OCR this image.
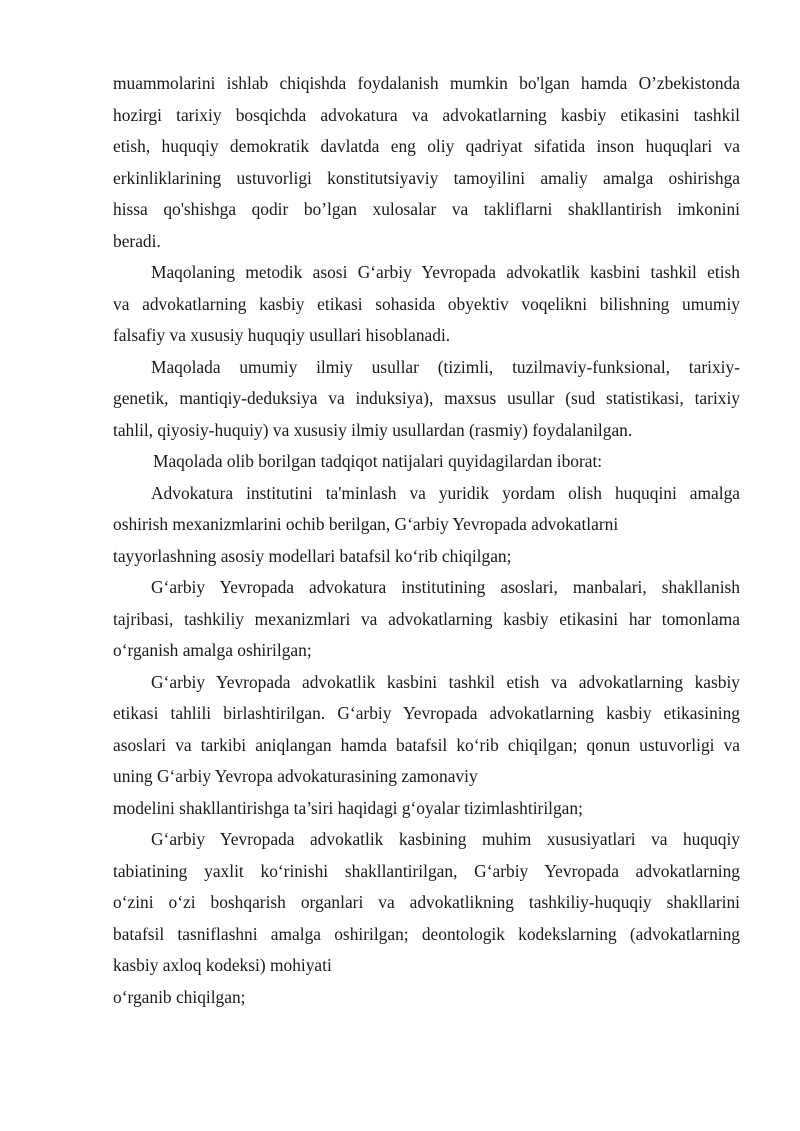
muammolarini ishlab chiqishda foydalanish mumkin bo'lgan hamda O’zbekistonda
hozirgi tarixiy bosqichda advokatura va advokatlarning kasbiy etikasini tashkil
etish, huquqiy demokratik davlatda eng oliy qadriyat sifatida inson huquqlari va
erkinliklarining ustuvorligi konstitutsiyaviy tamoyilini amaliy amalga oshirishga
hissa qo'shishga qodir bo’lgan xulosalar va takliflarni shakllantirish imkonini
beradi.
Maqolaning metodik asosi G‘arbiy Yevropada advokatlik kasbini tashkil etish
va advokatlarning kasbiy etikasi sohasida obyektiv voqelikni bilishning umumiy
falsafiy va xususiy huquqiy usullari hisoblanadi.
Maqolada umumiy ilmiy usullar (tizimli, tuzilmaviy-funksional, tarixiy-
genetik, mantiqiy-deduksiya va induksiya), maxsus usullar (sud statistikasi, tarixiy
tahlil, qiyosiy-huquiy) va xususiy ilmiy usullardan (rasmiy) foydalanilgan.
Maqolada olib borilgan tadqiqot natijalari quyidagilardan iborat:
Advokatura institutini ta'minlash va yuridik yordam olish huquqini amalga
oshirish mexanizmlarini ochib berilgan, G‘arbiy Yevropada advokatlarni
tayyorlashning asosiy modellari batafsil ko‘rib chiqilgan;
G‘arbiy Yevropada advokatura institutining asoslari, manbalari, shakllanish
tajribasi, tashkiliy mexanizmlari va advokatlarning kasbiy etikasini har tomonlama
o‘rganish amalga oshirilgan;
G‘arbiy Yevropada advokatlik kasbini tashkil etish va advokatlarning kasbiy
etikasi tahlili birlashtirilgan. G‘arbiy Yevropada advokatlarning kasbiy etikasining
asoslari va tarkibi aniqlangan hamda batafsil ko‘rib chiqilgan; qonun ustuvorligi va
uning G‘arbiy Yevropa advokaturasining zamonaviy
modelini shakllantirishga ta’siri haqidagi g‘oyalar tizimlashtirilgan;
G‘arbiy Yevropada advokatlik kasbining muhim xususiyatlari va huquqiy
tabiatining yaxlit ko‘rinishi shakllantirilgan, G‘arbiy Yevropada advokatlarning
o‘zini o‘zi boshqarish organlari va advokatlikning tashkiliy-huquqiy shakllarini
batafsil tasniflashni amalga oshirilgan; deontologik kodekslarning (advokatlarning
kasbiy axloq kodeksi) mohiyati
o‘rganib chiqilgan;
